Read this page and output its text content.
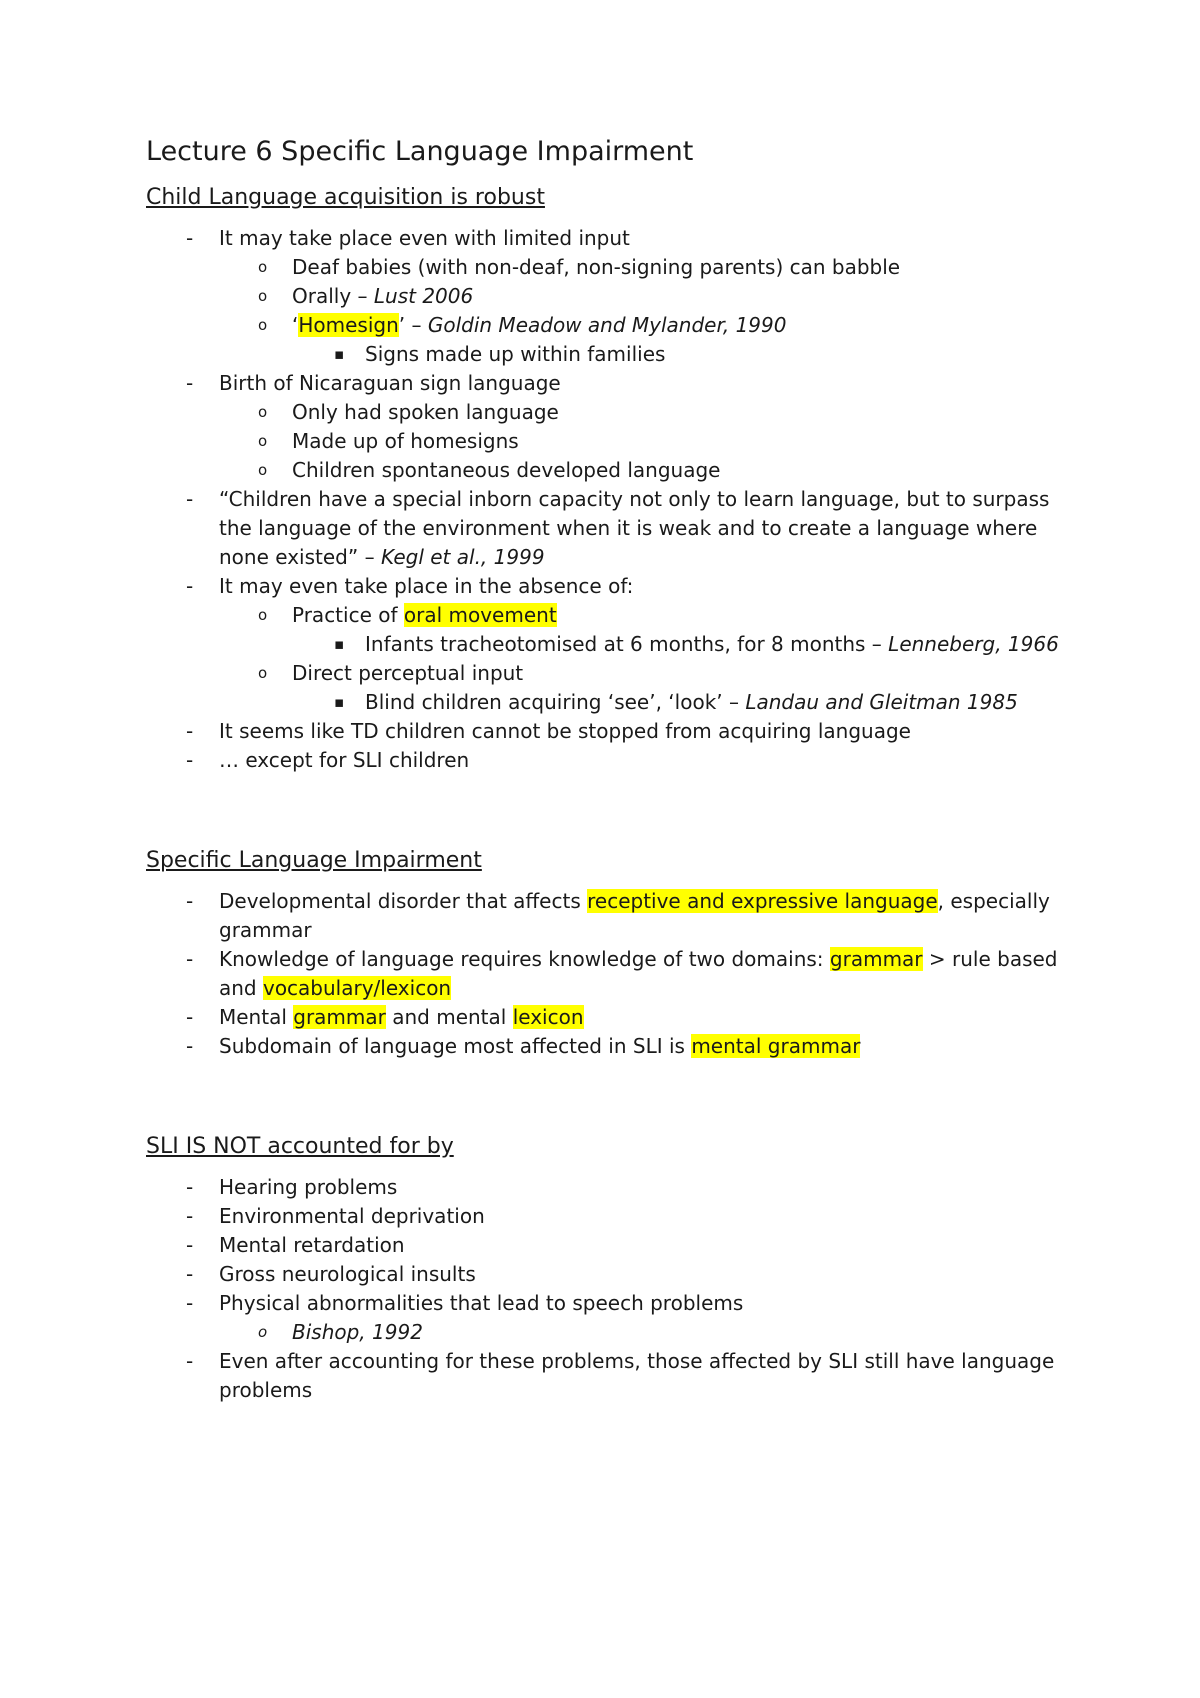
Lecture 6 Specific Language Impairment
Child Language acquisition is robust
- It may take place even with limited input
o Deaf babies (with non-deaf, non-signing parents) can babble
o Orally – Lust 2006
o ‘Homesign’ – Goldin Meadow and Mylander, 1990
▪ Signs made up within families
- Birth of Nicaraguan sign language
o Only had spoken language
o Made up of homesigns
o Children spontaneous developed language
- “Children have a special inborn capacity not only to learn language, but to surpass the language of the environment when it is weak and to create a language where none existed” – Kegl et al., 1999
- It may even take place in the absence of:
o Practice of oral movement
▪ Infants tracheotomised at 6 months, for 8 months – Lenneberg, 1966
o Direct perceptual input
▪ Blind children acquiring ‘see’, ‘look’ – Landau and Gleitman 1985
- It seems like TD children cannot be stopped from acquiring language
- … except for SLI children
Specific Language Impairment
- Developmental disorder that affects receptive and expressive language, especially grammar
- Knowledge of language requires knowledge of two domains: grammar > rule based and vocabulary/lexicon
- Mental grammar and mental lexicon
- Subdomain of language most affected in SLI is mental grammar
SLI IS NOT accounted for by
- Hearing problems
- Environmental deprivation
- Mental retardation
- Gross neurological insults
- Physical abnormalities that lead to speech problems
o Bishop, 1992
- Even after accounting for these problems, those affected by SLI still have language problems
